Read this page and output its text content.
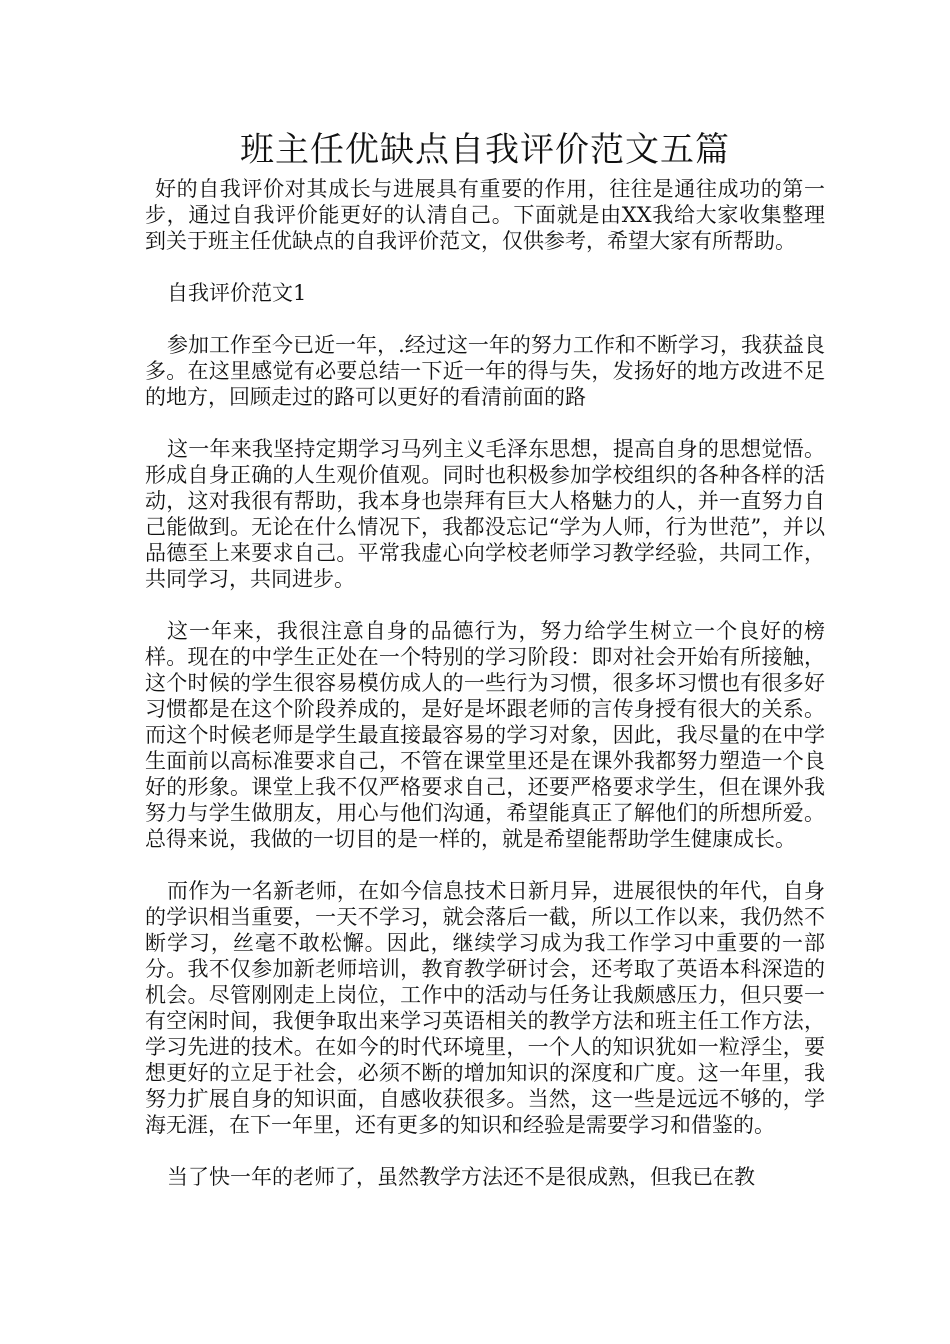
班主任优缺点自我评价范文五篇

好的自我评价对其成长与进展具有重要的作用，往往是通往成功的第一步，通过自我评价能更好的认清自己。下面就是由XX我给大家收集整理到关于班主任优缺点的自我评价范文，仅供参考，希望大家有所帮助。

自我评价范文1

参加工作至今已近一年，.经过这一年的努力工作和不断学习，我获益良多。在这里感觉有必要总结一下近一年的得与失，发扬好的地方改进不足的地方，回顾走过的路可以更好的看清前面的路

这一年来我坚持定期学习马列主义毛泽东思想，提高自身的思想觉悟。形成自身正确的人生观价值观。同时也积极参加学校组织的各种各样的活动，这对我很有帮助，我本身也崇拜有巨大人格魅力的人，并一直努力自己能做到。无论在什么情况下，我都没忘记“学为人师，行为世范”，并以品德至上来要求自己。平常我虚心向学校老师学习教学经验，共同工作，共同学习，共同进步。

这一年来，我很注意自身的品德行为，努力给学生树立一个良好的榜样。现在的中学生正处在一个特别的学习阶段：即对社会开始有所接触，这个时候的学生很容易模仿成人的一些行为习惯，很多坏习惯也有很多好习惯都是在这个阶段养成的，是好是坏跟老师的言传身授有很大的关系。而这个时候老师是学生最直接最容易的学习对象，因此，我尽量的在中学生面前以高标准要求自己，不管在课堂里还是在课外我都努力塑造一个良好的形象。课堂上我不仅严格要求自己，还要严格要求学生，但在课外我努力与学生做朋友，用心与他们沟通，希望能真正了解他们的所想所爱。总得来说，我做的一切目的是一样的，就是希望能帮助学生健康成长。

而作为一名新老师，在如今信息技术日新月异，进展很快的年代，自身的学识相当重要，一天不学习，就会落后一截，所以工作以来，我仍然不断学习，丝毫不敢松懈。因此，继续学习成为我工作学习中重要的一部分。我不仅参加新老师培训，教育教学研讨会，还考取了英语本科深造的机会。尽管刚刚走上岗位，工作中的活动与任务让我颇感压力，但只要一有空闲时间，我便争取出来学习英语相关的教学方法和班主任工作方法，学习先进的技术。在如今的时代环境里，一个人的知识犹如一粒浮尘，要想更好的立足于社会，必须不断的增加知识的深度和广度。这一年里，我努力扩展自身的知识面，自感收获很多。当然，这一些是远远不够的，学海无涯，在下一年里，还有更多的知识和经验是需要学习和借鉴的。

当了快一年的老师了，虽然教学方法还不是很成熟，但我已在教
